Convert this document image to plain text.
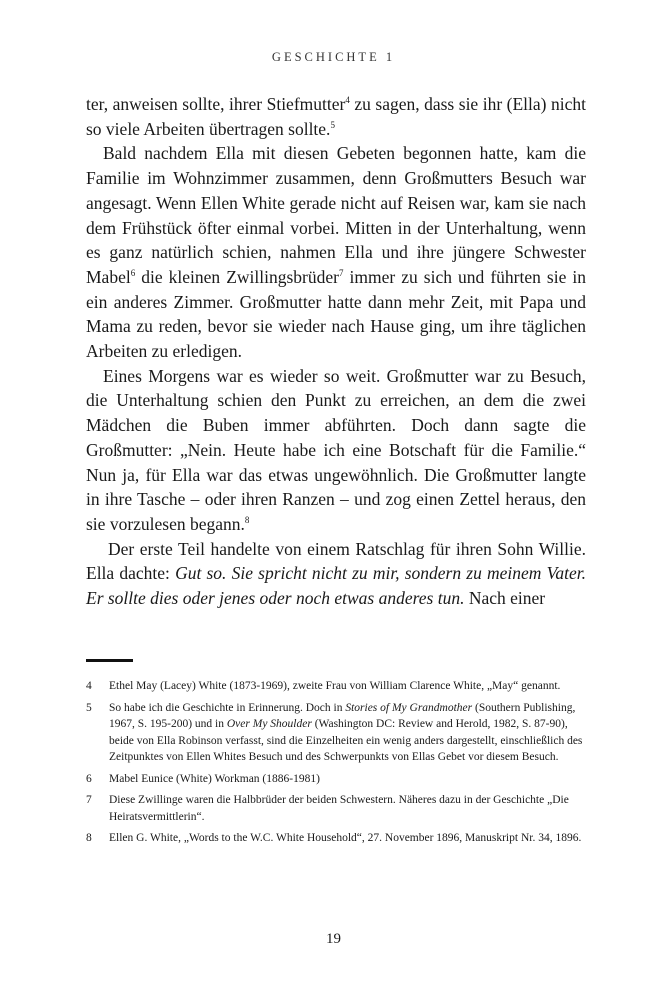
GESCHICHTE 1

ter, anweisen sollte, ihrer Stiefmutter$^4$ zu sagen, dass sie ihr (Ella) nicht so viele Arbeiten übertragen sollte.$^5$

Bald nachdem Ella mit diesen Gebeten begonnen hatte, kam die Familie im Wohnzimmer zusammen, denn Großmutters Besuch war angesagt. Wenn Ellen White gerade nicht auf Reisen war, kam sie nach dem Frühstück öfter einmal vorbei. Mitten in der Unterhaltung, wenn es ganz natürlich schien, nahmen Ella und ihre jüngere Schwester Mabel$^6$ die kleinen Zwillingsbrüder$^7$ immer zu sich und führten sie in ein anderes Zimmer. Großmutter hatte dann mehr Zeit, mit Papa und Mama zu reden, bevor sie wieder nach Hause ging, um ihre täglichen Arbeiten zu erledigen.

Eines Morgens war es wieder so weit. Großmutter war zu Besuch, die Unterhaltung schien den Punkt zu erreichen, an dem die zwei Mädchen die Buben immer abführten. Doch dann sagte die Großmutter: „Nein. Heute habe ich eine Botschaft für die Familie.“ Nun ja, für Ella war das etwas ungewöhnlich. Die Großmutter langte in ihre Tasche – oder ihren Ranzen – und zog einen Zettel heraus, den sie vorzulesen begann.$^8$

Der erste Teil handelte von einem Ratschlag für ihren Sohn Willie. Ella dachte: Gut so. Sie spricht nicht zu mir, sondern zu meinem Vater. Er sollte dies oder jenes oder noch etwas anderes tun. Nach einer

4	Ethel May (Lacey) White (1873-1969), zweite Frau von William Clarence White, „May“ genannt.
5	So habe ich die Geschichte in Erinnerung. Doch in Stories of My Grandmother (Southern Publishing, 1967, S. 195-200) und in Over My Shoulder (Washington DC: Review and Herold, 1982, S. 87-90), beide von Ella Robinson verfasst, sind die Einzelheiten ein wenig anders dargestellt, einschließlich des Zeitpunktes von Ellen Whites Besuch und des Schwerpunkts von Ellas Gebet vor diesem Besuch.
6	Mabel Eunice (White) Workman (1886-1981)
7	Diese Zwillinge waren die Halbbrüder der beiden Schwestern. Näheres dazu in der Geschichte „Die Heiratsvermittlerin“.
8	Ellen G. White, „Words to the W.C. White Household“, 27. November 1896, Manuskript Nr. 34, 1896.
19
